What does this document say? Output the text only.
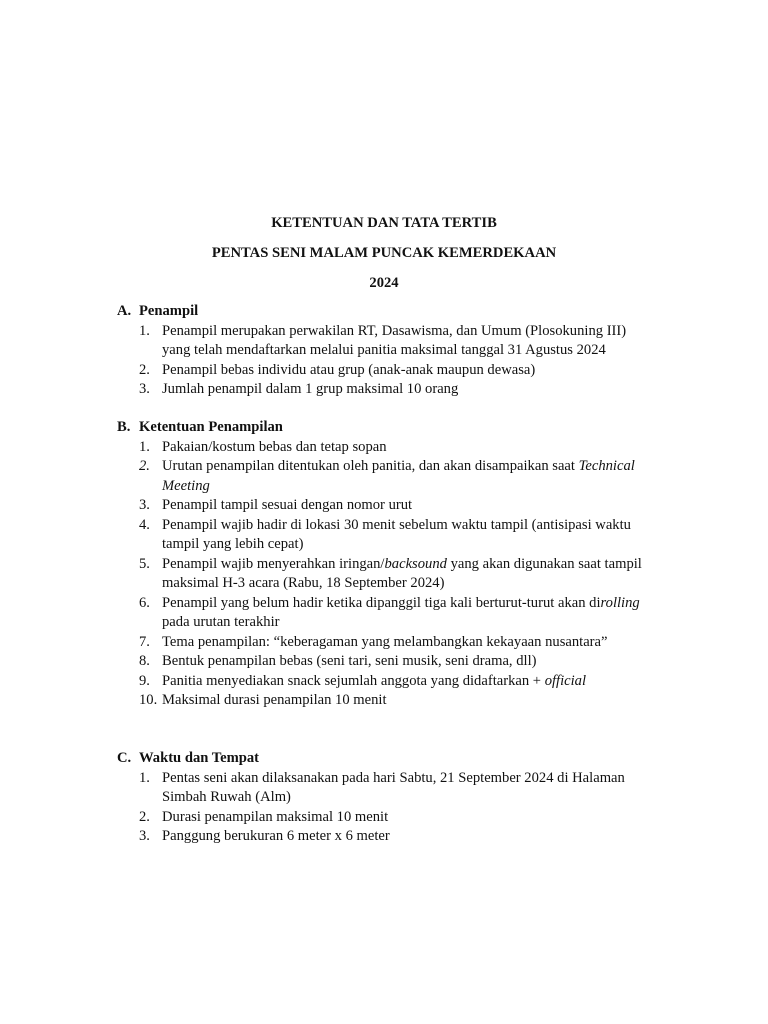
KETENTUAN DAN TATA TERTIB
PENTAS SENI MALAM PUNCAK KEMERDEKAAN
2024
A. Penampil
1. Penampil merupakan perwakilan RT, Dasawisma, dan Umum (Plosokuning III)
yang telah mendaftarkan melalui panitia maksimal tanggal 31 Agustus 2024
2. Penampil bebas individu atau grup (anak-anak maupun dewasa)
3. Jumlah penampil dalam 1 grup maksimal 10 orang
B. Ketentuan Penampilan
1. Pakaian/kostum bebas dan tetap sopan
2. Urutan penampilan ditentukan oleh panitia, dan akan disampaikan saat Technical
Meeting
3. Penampil tampil sesuai dengan nomor urut
4. Penampil wajib hadir di lokasi 30 menit sebelum waktu tampil (antisipasi waktu
tampil yang lebih cepat)
5. Penampil wajib menyerahkan iringan/backsound yang akan digunakan saat tampil
maksimal H-3 acara (Rabu, 18 September 2024)
6. Penampil yang belum hadir ketika dipanggil tiga kali berturut-turut akan dirolling
pada urutan terakhir
7. Tema penampilan: “keberagaman yang melambangkan kekayaan nusantara”
8. Bentuk penampilan bebas (seni tari, seni musik, seni drama, dll)
9. Panitia menyediakan snack sejumlah anggota yang didaftarkan + official
10. Maksimal durasi penampilan 10 menit
C. Waktu dan Tempat
1. Pentas seni akan dilaksanakan pada hari Sabtu, 21 September 2024 di Halaman
Simbah Ruwah (Alm)
2. Durasi penampilan maksimal 10 menit
3. Panggung berukuran 6 meter x 6 meter
